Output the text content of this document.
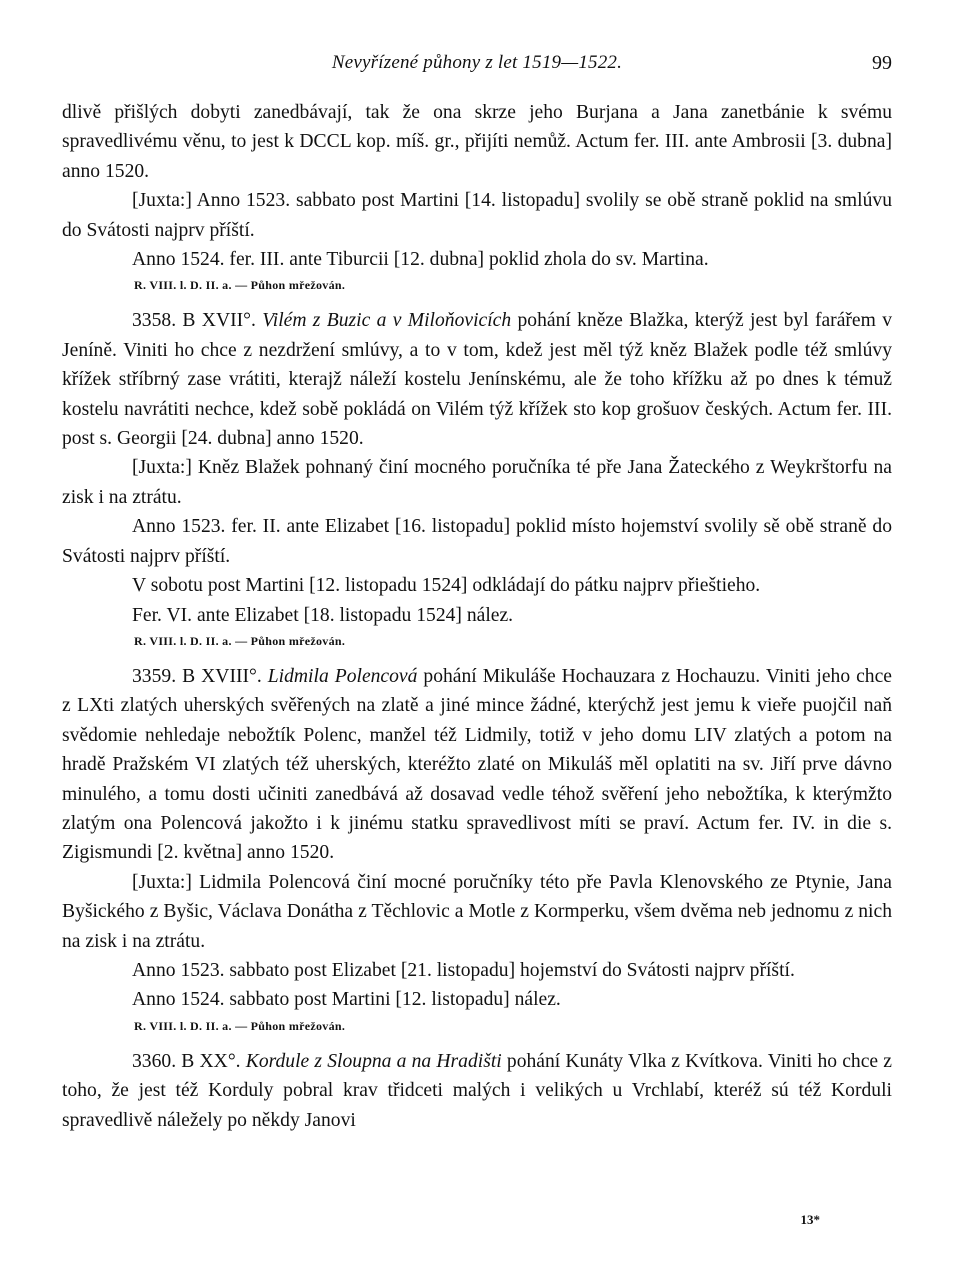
Nevyřízené půhony z let 1519—1522.	99

dlivě přišlých dobyti zanedbávají, tak že ona skrze jeho Burjana a Jana zanetbánie k svému spravedlivému věnu, to jest k DCCL kop. míš. gr., přijíti nemůž. Actum fer. III. ante Ambrosii [3. dubna] anno 1520.

[Juxta:] Anno 1523. sabbato post Martini [14. listopadu] svolily se obě straně poklid na smlúvu do Svátosti najprv příští.

Anno 1524. fer. III. ante Tiburcii [12. dubna] poklid zhola do sv. Martina.

R. VIII. l. D. II. a. — Půhon mřežován.

3358. B XVII°. Vilém z Buzic a v Miloňovicích pohání kněze Blažka, kterýž jest byl farářem v Jeníně. Viniti ho chce z nezdržení smlúvy, a to v tom, kdež jest měl týž kněz Blažek podle též smlúvy křížek stříbrný zase vrátiti, kterajž náleží kostelu Jenínskému, ale že toho křížku až po dnes k témuž kostelu navrátiti nechce, kdež sobě pokládá on Vilém týž křížek sto kop grošuov českých. Actum fer. III. post s. Georgii [24. dubna] anno 1520.

[Juxta:] Kněz Blažek pohnaný činí mocného poručníka té pře Jana Žateckého z Weykrštorfu na zisk i na ztrátu.

Anno 1523. fer. II. ante Elizabet [16. listopadu] poklid místo hojemství svolily sě obě straně do Svátosti najprv příští.

V sobotu post Martini [12. listopadu 1524] odkládají do pátku najprv přieštieho.

Fer. VI. ante Elizabet [18. listopadu 1524] nález.

R. VIII. l. D. II. a. — Půhon mřežován.

3359. B XVIII°. Lidmila Polencová pohání Mikuláše Hochauzara z Hochauzu. Viniti jeho chce z LXti zlatých uherských svěřených na zlatě a jiné mince žádné, kterýchž jest jemu k vieře puojčil naň svědomie nehledaje nebožtík Polenc, manžel též Lidmily, totiž v jeho domu LIV zlatých a potom na hradě Pražském VI zlatých též uherských, kteréžto zlaté on Mikuláš měl oplatiti na sv. Jiří prve dávno minulého, a tomu dosti učiniti zanedbává až dosavad vedle téhož svěření jeho nebožtíka, k kterýmžto zlatým ona Polencová jakožto i k jinému statku spravedlivost míti se praví. Actum fer. IV. in die s. Zigismundi [2. května] anno 1520.

[Juxta:] Lidmila Polencová činí mocné poručníky této pře Pavla Klenovského ze Ptynie, Jana Byšického z Byšic, Václava Donátha z Těchlovic a Motle z Kormperku, všem dvěma neb jednomu z nich na zisk i na ztrátu.

Anno 1523. sabbato post Elizabet [21. listopadu] hojemství do Svátosti najprv příští.

Anno 1524. sabbato post Martini [12. listopadu] nález.

R. VIII. l. D. II. a. — Půhon mřežován.

3360. B XX°. Kordule z Sloupna a na Hradišti pohání Kunáty Vlka z Kvítkova. Viniti ho chce z toho, že jest též Korduly pobral krav třidceti malých i velikých u Vrchlabí, kteréž sú též Korduli spravedlivě náležely po někdy Janovi

13*
